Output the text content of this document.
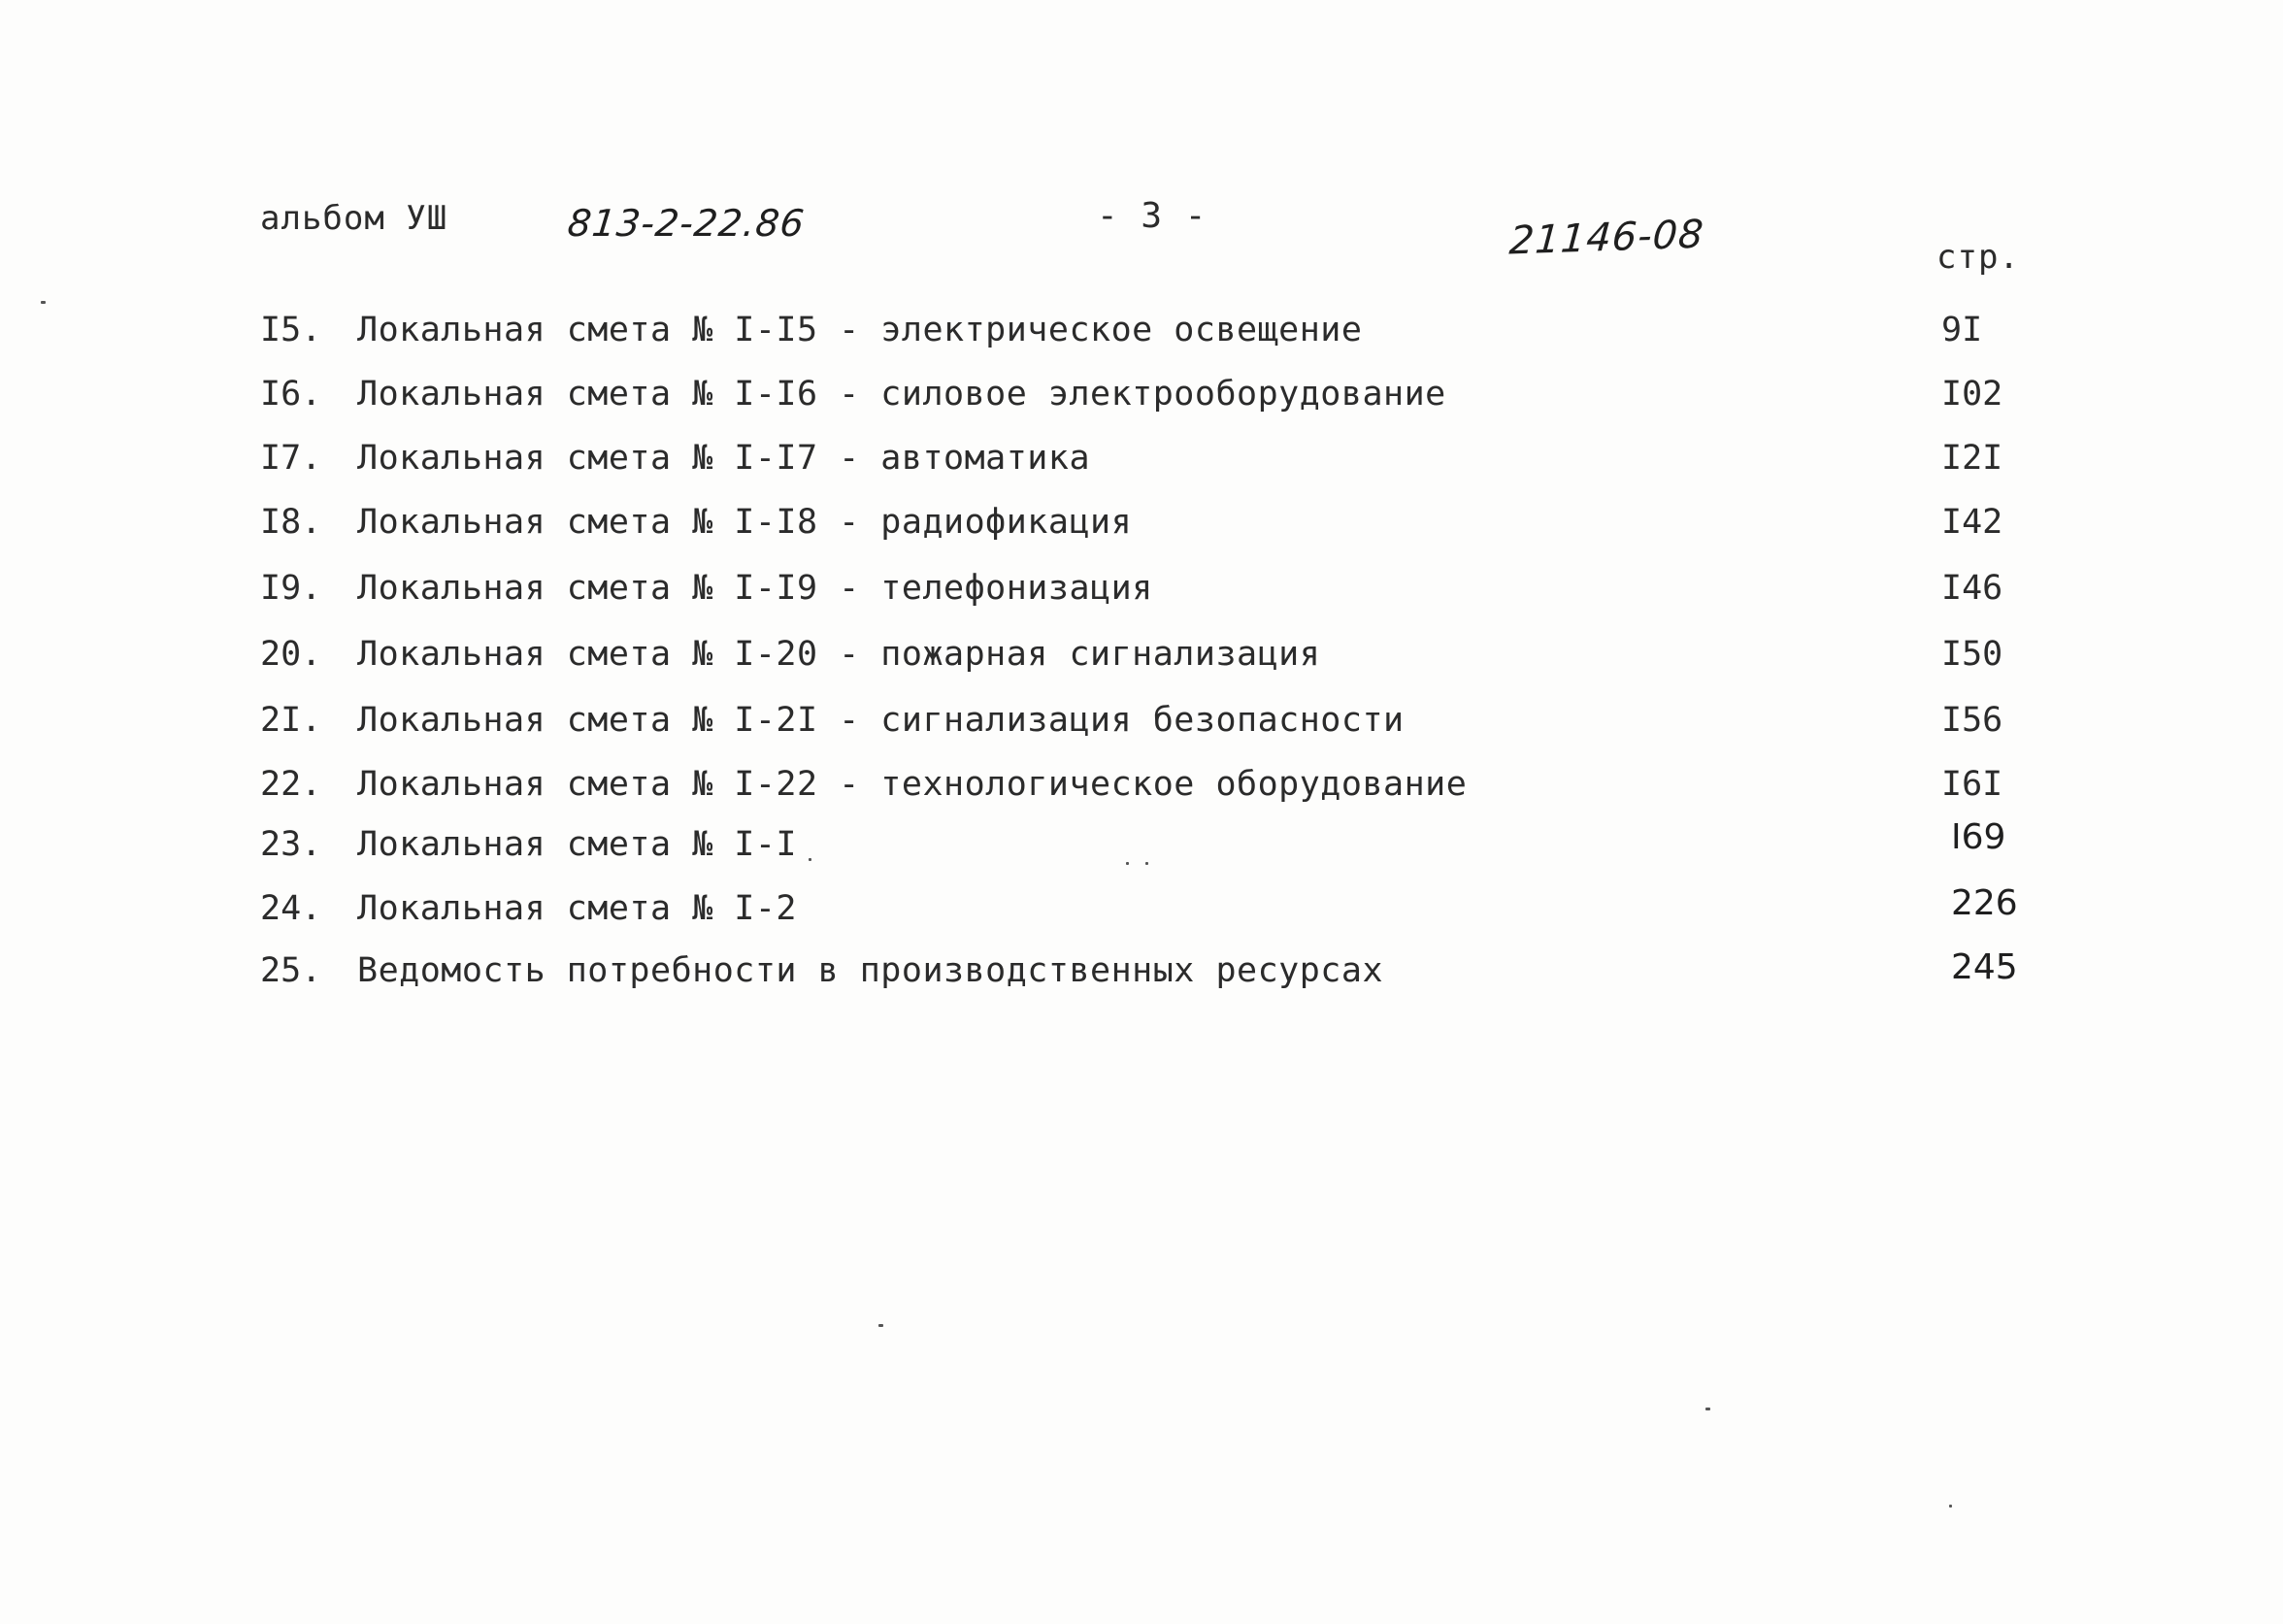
альбом УШ	813-2-22.86	- 3 -	21146-08	стр.
I5. Локальная смета № I-I5 - электрическое освещение	9I
I6. Локальная смета № I-I6 - силовое электрооборудование	I02
I7. Локальная смета № I-I7 - автоматика	I2I
I8. Локальная смета № I-I8 - радиофикация	I42
I9. Локальная смета № I-I9 - телефонизация	I46
20. Локальная смета № I-20 - пожарная сигнализация	I50
2I. Локальная смета № I-2I - сигнализация безопасности	I56
22. Локальная смета № I-22 - технологическое оборудование	I6I
23. Локальная смета № I-I	I69
24. Локальная смета № I-2	226
25. Ведомость потребности в производственных ресурсах	245
